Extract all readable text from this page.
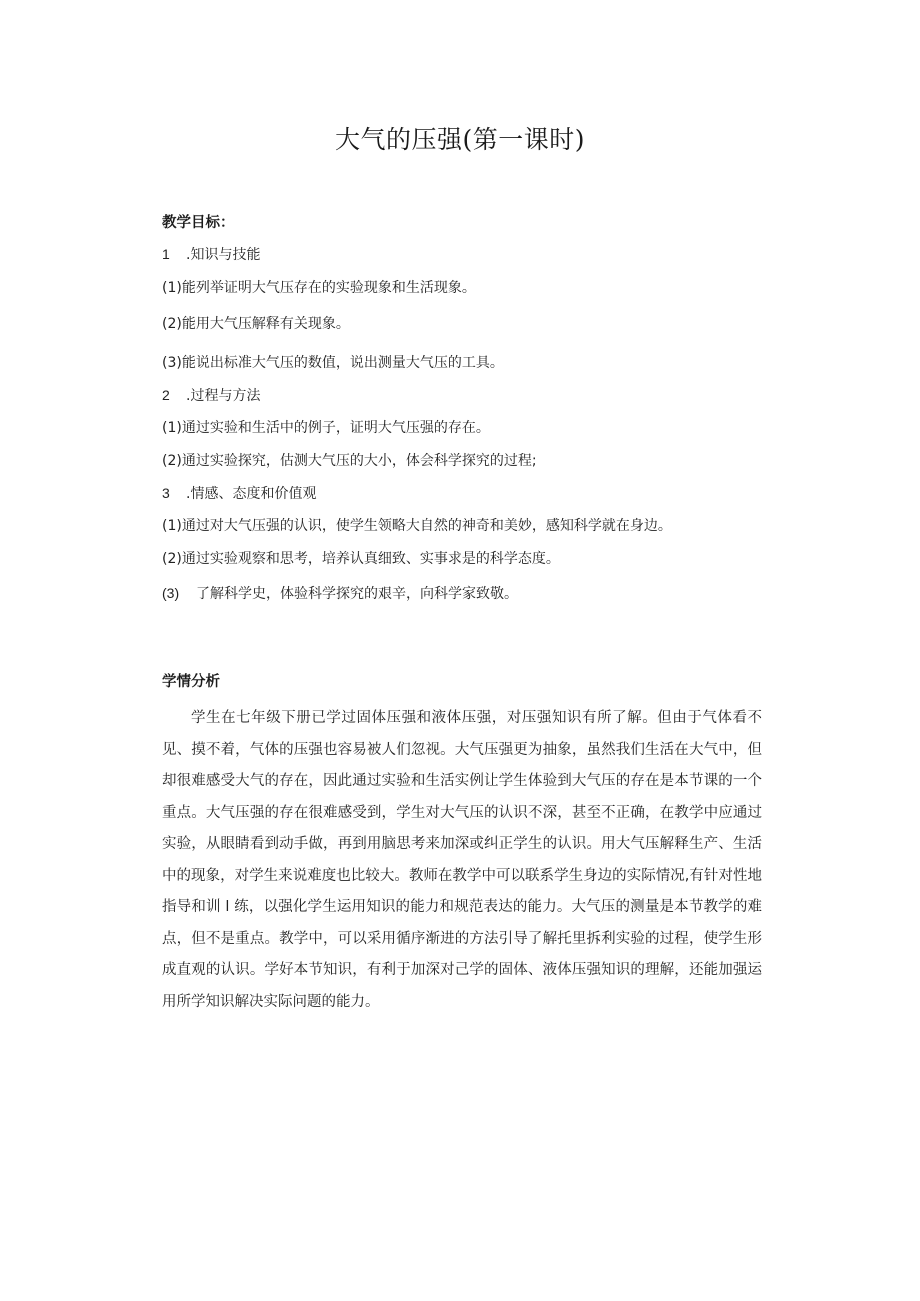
大气的压强(第一课时)
教学目标：
1 .知识与技能
(1)能列举证明大气压存在的实验现象和生活现象。
(2)能用大气压解释有关现象。
(3)能说出标准大气压的数值，说出测量大气压的工具。
2 .过程与方法
(1)通过实验和生活中的例子，证明大气压强的存在。
(2)通过实验探究，估测大气压的大小，体会科学探究的过程;
3 .情感、态度和价值观
(1)通过对大气压强的认识，使学生领略大自然的神奇和美妙，感知科学就在身边。
(2)通过实验观察和思考，培养认真细致、实事求是的科学态度。
(3) 了解科学史，体验科学探究的艰辛，向科学家致敬。
学情分析
学生在七年级下册已学过固体压强和液体压强，对压强知识有所了解。但由于气体看不见、摸不着，气体的压强也容易被人们忽视。大气压强更为抽象，虽然我们生活在大气中，但却很难感受大气的存在，因此通过实验和生活实例让学生体验到大气压的存在是本节课的一个重点。大气压强的存在很难感受到，学生对大气压的认识不深，甚至不正确，在教学中应通过实验，从眼睛看到动手做，再到用脑思考来加深或纠正学生的认识。用大气压解释生产、生活中的现象，对学生来说难度也比较大。教师在教学中可以联系学生身边的实际情况,有针对性地指导和训 l 练，以强化学生运用知识的能力和规范表达的能力。大气压的测量是本节教学的难点，但不是重点。教学中，可以采用循序渐进的方法引导了解托里拆利实验的过程，使学生形成直观的认识。学好本节知识，有利于加深对己学的固体、液体压强知识的理解，还能加强运用所学知识解决实际问题的能力。
